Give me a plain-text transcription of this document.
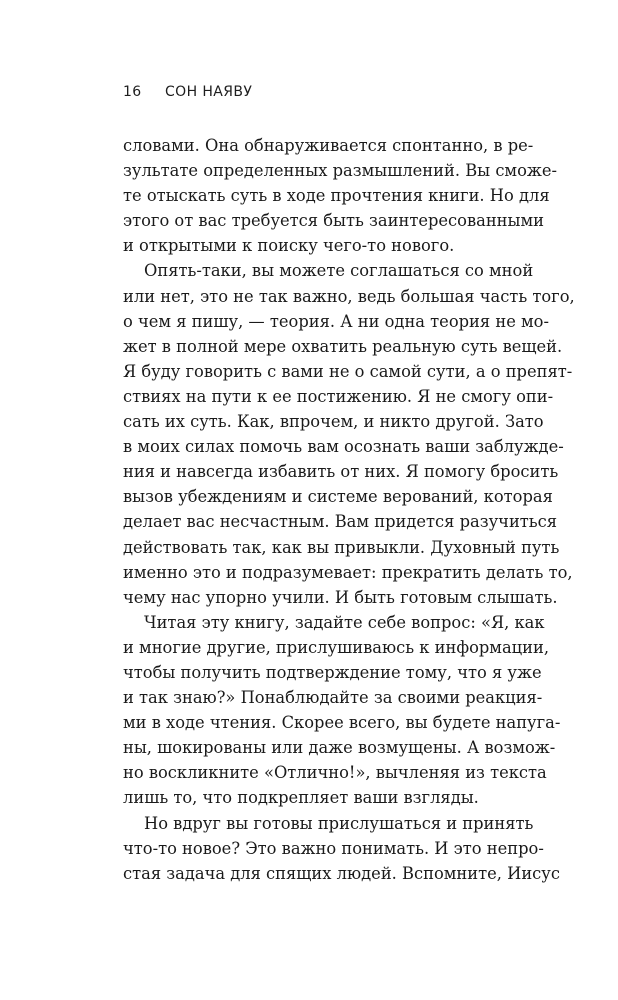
16 СОН НАЯВУ
словами. Она обнаруживается спонтанно, в ре-
зультате определенных размышлений. Вы сможе-
те отыскать суть в ходе прочтения книги. Но для
этого от вас требуется быть заинтересованными
и открытыми к поиску чего-то нового.
Опять-таки, вы можете соглашаться со мной
или нет, это не так важно, ведь большая часть того,
о чем я пишу, — теория. А ни одна теория не мо-
жет в полной мере охватить реальную суть вещей.
Я буду говорить с вами не о самой сути, а о препят-
ствиях на пути к ее постижению. Я не смогу опи-
сать их суть. Как, впрочем, и никто другой. Зато
в моих силах помочь вам осознать ваши заблужде-
ния и навсегда избавить от них. Я помогу бросить
вызов убеждениям и системе верований, которая
делает вас несчастным. Вам придется разучиться
действовать так, как вы привыкли. Духовный путь
именно это и подразумевает: прекратить делать то,
чему нас упорно учили. И быть готовым слышать.
Читая эту книгу, задайте себе вопрос: «Я, как
и многие другие, прислушиваюсь к информации,
чтобы получить подтверждение тому, что я уже
и так знаю?» Понаблюдайте за своими реакция-
ми в ходе чтения. Скорее всего, вы будете напуга-
ны, шокированы или даже возмущены. А возмож-
но воскликните «Отлично!», вычленяя из текста
лишь то, что подкрепляет ваши взгляды.
Но вдруг вы готовы прислушаться и принять
что-то новое? Это важно понимать. И это непро-
стая задача для спящих людей. Вспомните, Иисус
